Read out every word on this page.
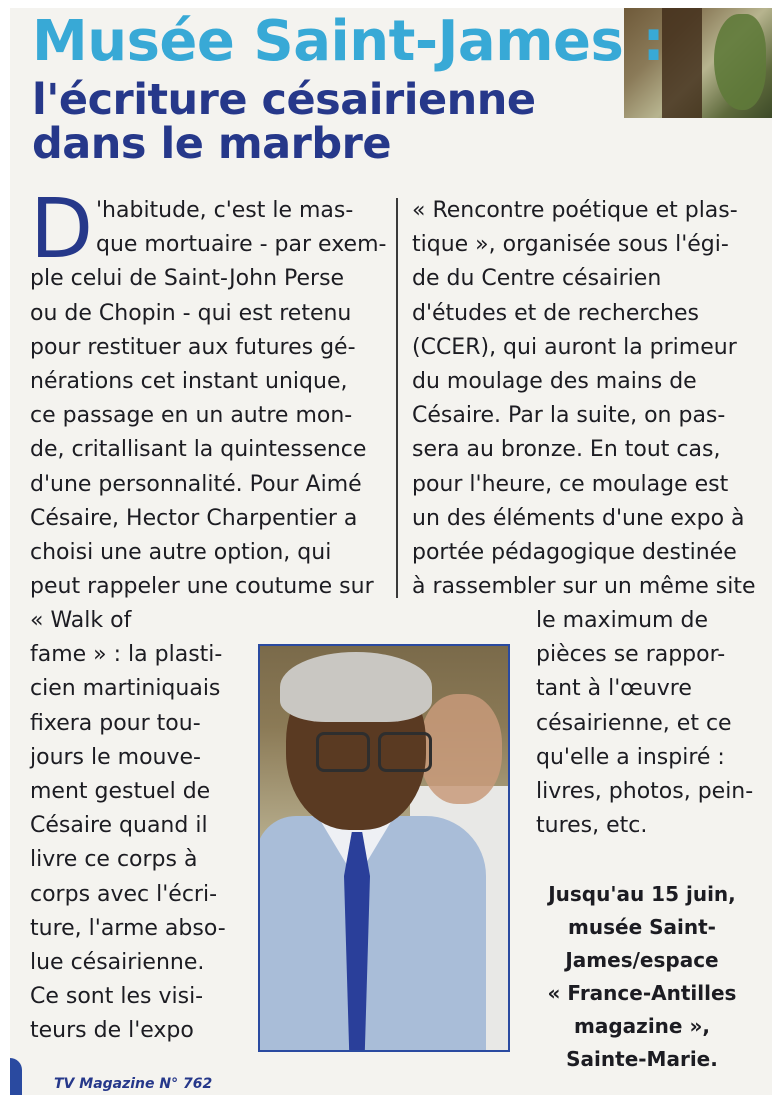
Musée Saint-James :
l'écriture césairienne
dans le marbre
D 'habitude, c'est le mas-

que mortuaire - par exem-

ple celui de Saint-John Perse

ou de Chopin - qui est retenu

pour restituer aux futures gé-

nérations cet instant unique,

ce passage en un autre mon-

de, critallisant la quintessence

d'une personnalité. Pour Aimé

Césaire, Hector Charpentier a

choisi une autre option, qui

peut rappeler une coutume sur

« Rencontre poétique et plas-

tique », organisée sous l'égi-

de du Centre césairien

d'études et de recherches

(CCER), qui auront la primeur

du moulage des mains de

Césaire. Par la suite, on pas-

sera au bronze. En tout cas,

pour l'heure, ce moulage est

un des éléments d'une expo à

portée pédagogique destinée

à rassembler sur un même site

« Walk of

fame » : la plasti-

cien martiniquais

fixera pour tou-

jours le mouve-

ment gestuel de

Césaire quand il

livre ce corps à

corps avec l'écri-

ture, l'arme abso-

lue césairienne.

Ce sont les visi-

teurs de l'expo

le maximum de

pièces se rappor-

tant à l'œuvre

césairienne, et ce

qu'elle a inspiré :

livres, photos, pein-

tures, etc.

Jusqu'au 15 juin,

musée Saint-

James/espace

« France-Antilles

magazine »,

Sainte-Marie.

TV Magazine N° 762
